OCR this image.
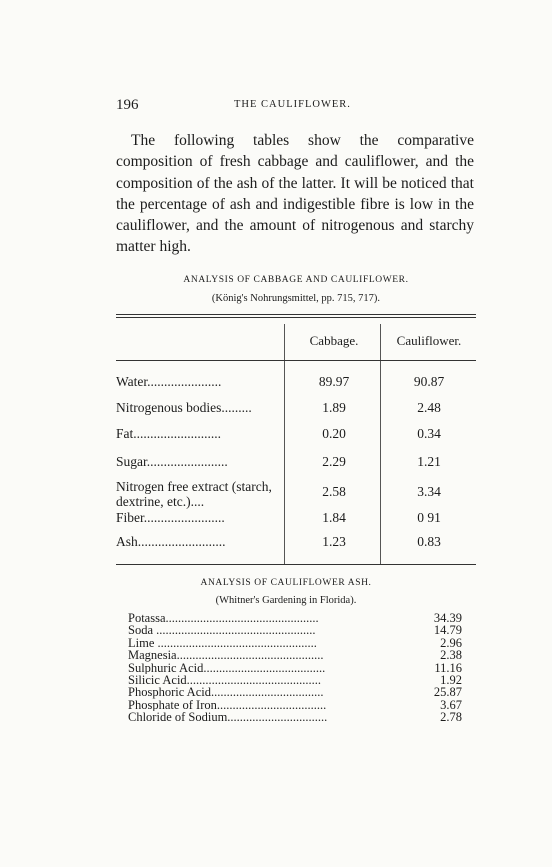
196	THE CAULIFLOWER.

The following tables show the comparative composition of fresh cabbage and cauliflower, and the composition of the ash of the latter. It will be noticed that the percentage of ash and indigestible fibre is low in the cauliflower, and the amount of nitrogenous and starchy matter high.

ANALYSIS OF CABBAGE AND CAULIFLOWER.
(König's Nohrungsmittel, pp. 715, 717).
Cabbage.	Cauliflower.
Water......................	89.97	90.87
Nitrogenous bodies.........	1.89	2.48
Fat..........................	0.20	0.34
Sugar........................	2.29	1.21
Nitrogen free extract (starch, dextrine, etc.)....
2.58	3.34
Fiber........................	1.84	0 91
Ash..........................	1.23	0.83
ANALYSIS OF CAULIFLOWER ASH.
(Whitner's Gardening in Florida).
Potassa.................................................	34.39
Soda ...................................................	14.79
Lime ...................................................	2.96
Magnesia...............................................	2.38
Sulphuric Acid.......................................	11.16
Silicic Acid...........................................	1.92
Phosphoric Acid....................................	25.87
Phosphate of Iron...................................	3.67
Chloride of Sodium................................	2.78
